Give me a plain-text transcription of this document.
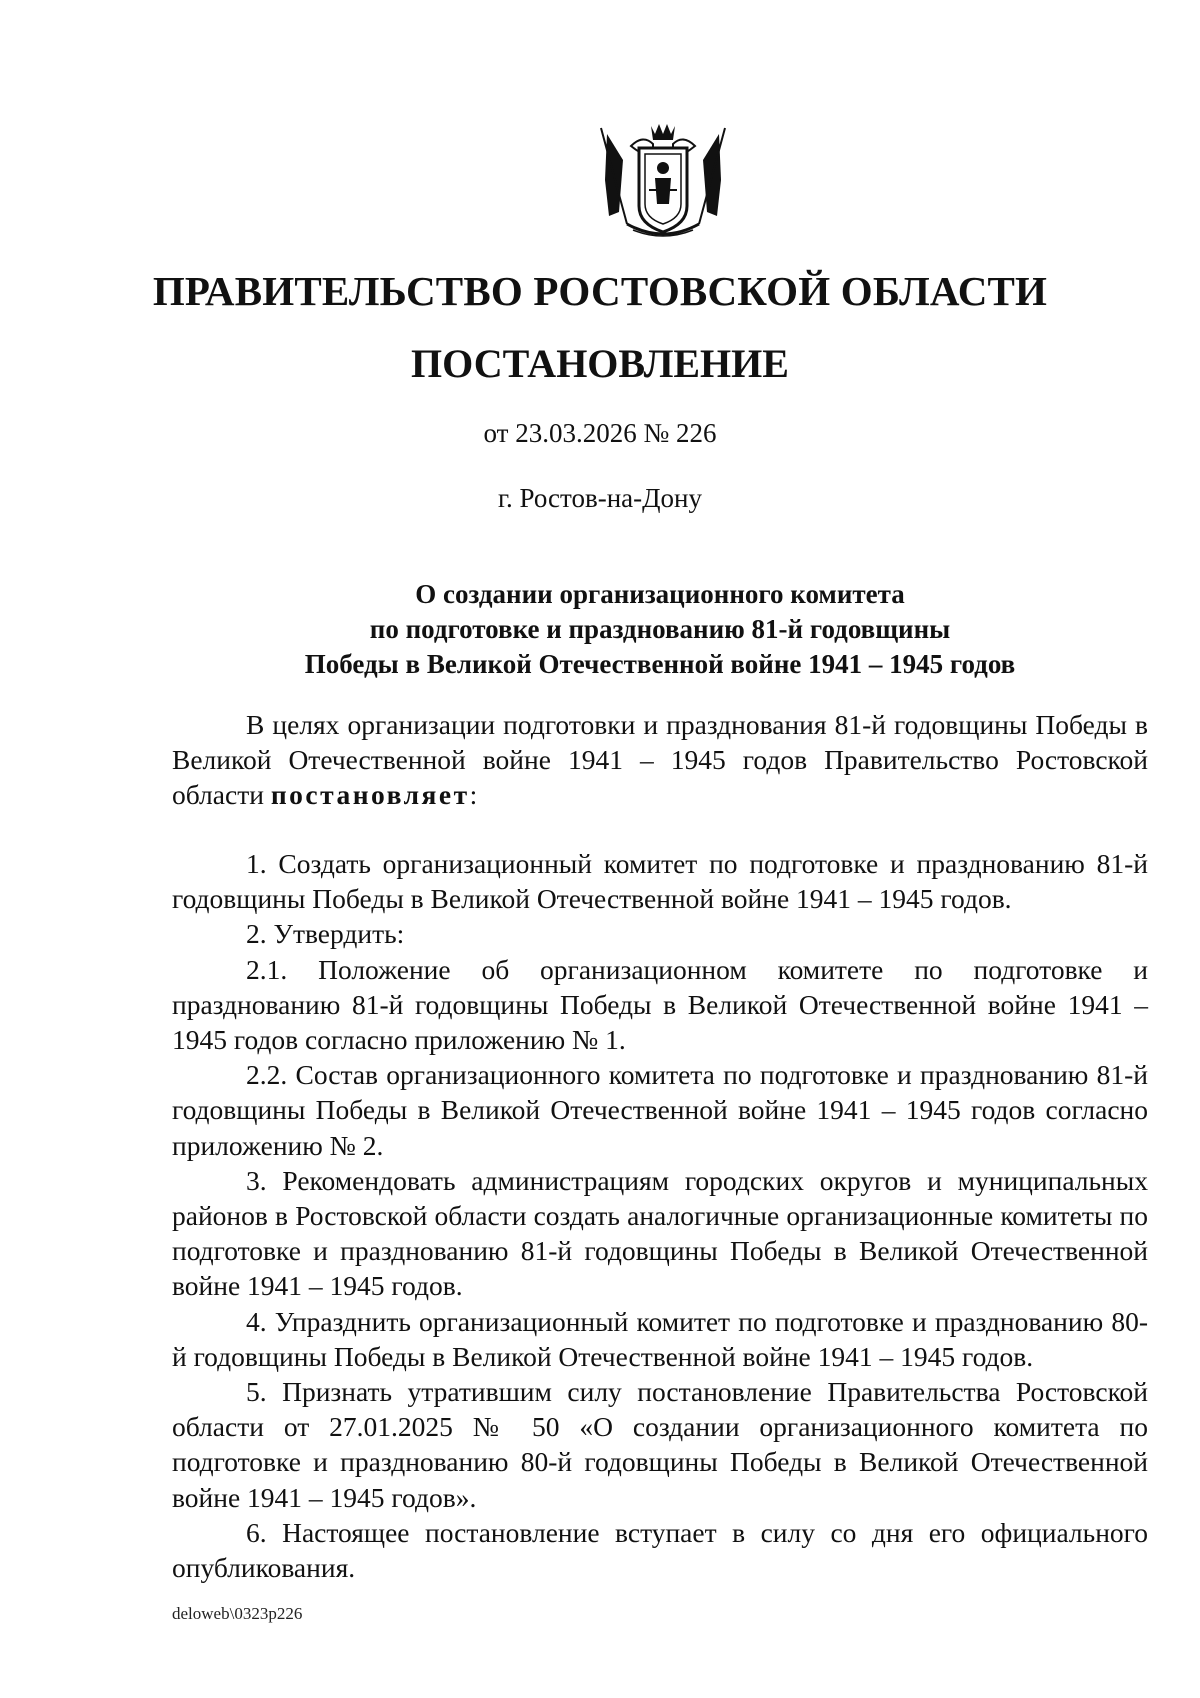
ПРАВИТЕЛЬСТВО РОСТОВСКОЙ ОБЛАСТИ
ПОСТАНОВЛЕНИЕ
от 23.03.2026 № 226
г. Ростов-на-Дону
О создании организационного комитета
по подготовке и празднованию 81-й годовщины
Победы в Великой Отечественной войне 1941 – 1945 годов

В целях организации подготовки и празднования 81-й годовщины Победы в Великой Отечественной войне 1941 – 1945 годов Правительство Ростовской области постановляет:

1. Создать организационный комитет по подготовке и празднованию 81-й годовщины Победы в Великой Отечественной войне 1941 – 1945 годов.

2. Утвердить:

2.1. Положение об организационном комитете по подготовке и празднованию 81-й годовщины Победы в Великой Отечественной войне 1941 – 1945 годов согласно приложению № 1.

2.2. Состав организационного комитета по подготовке и празднованию 81-й годовщины Победы в Великой Отечественной войне 1941 – 1945 годов согласно приложению № 2.

3. Рекомендовать администрациям городских округов и муниципальных районов в Ростовской области создать аналогичные организационные комитеты по подготовке и празднованию 81-й годовщины Победы в Великой Отечественной войне 1941 – 1945 годов.

4. Упразднить организационный комитет по подготовке и празднованию 80-й годовщины Победы в Великой Отечественной войне 1941 – 1945 годов.

5. Признать утратившим силу постановление Правительства Ростовской области от 27.01.2025 № 50 «О создании организационного комитета по подготовке и празднованию 80-й годовщины Победы в Великой Отечественной войне 1941 – 1945 годов».

6. Настоящее постановление вступает в силу со дня его официального опубликования.

deloweb\0323p226
